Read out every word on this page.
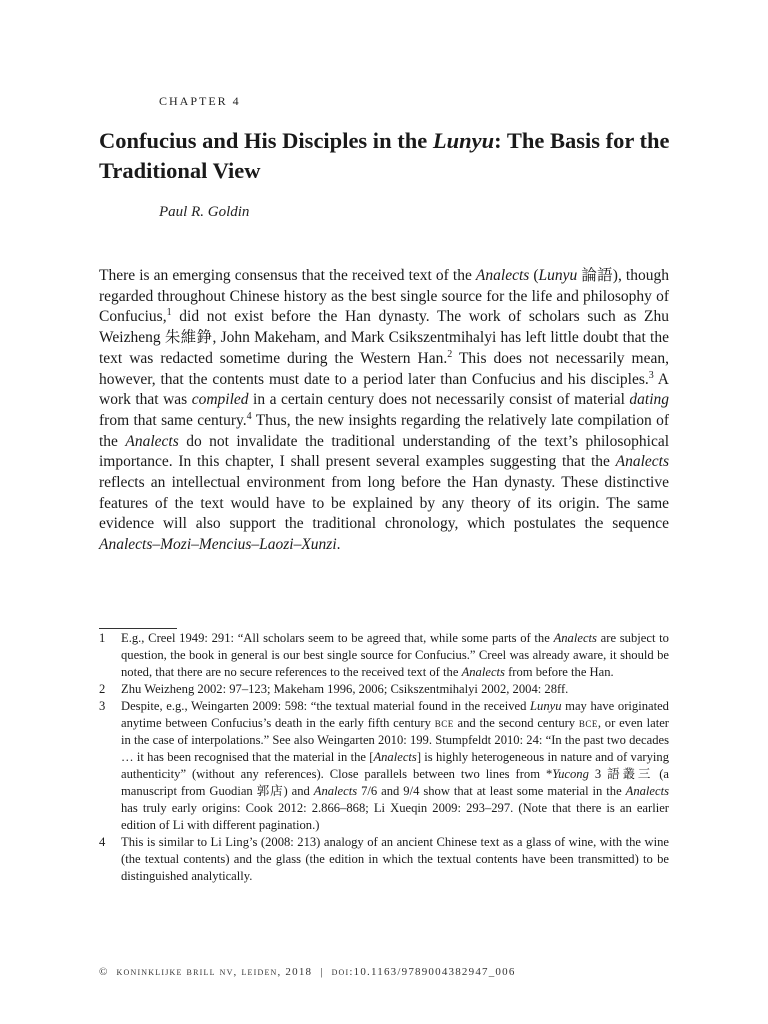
CHAPTER 4
Confucius and His Disciples in the Lunyu: The Basis for the Traditional View
Paul R. Goldin

There is an emerging consensus that the received text of the Analects (Lunyu 論語), though regarded throughout Chinese history as the best single source for the life and philosophy of Confucius,$^1$ did not exist before the Han dynasty. The work of scholars such as Zhu Weizheng 朱維錚, John Makeham, and Mark Csikszentmihalyi has left little doubt that the text was redacted sometime during the Western Han.$^2$ This does not necessarily mean, however, that the contents must date to a period later than Confucius and his disciples.$^3$ A work that was compiled in a certain century does not necessarily consist of material dating from that same century.$^4$ Thus, the new insights regarding the relatively late compilation of the Analects do not invalidate the traditional understanding of the text’s philosophical importance. In this chapter, I shall present several examples suggesting that the Analects reflects an intellectual environment from long before the Han dynasty. These distinctive features of the text would have to be explained by any theory of its origin. The same evidence will also support the traditional chronology, which postulates the sequence Analects–Mozi–Mencius–Laozi–Xunzi.

1	E.g., Creel 1949: 291: “All scholars seem to be agreed that, while some parts of the Analects are subject to question, the book in general is our best single source for Confucius.” Creel was already aware, it should be noted, that there are no secure references to the received text of the Analects from before the Han.
2	Zhu Weizheng 2002: 97–123; Makeham 1996, 2006; Csikszentmihalyi 2002, 2004: 28ff.
3	Despite, e.g., Weingarten 2009: 598: “the textual material found in the received Lunyu may have originated anytime between Confucius’s death in the early fifth century bce and the second century bce, or even later in the case of interpolations.” See also Weingarten 2010: 199. Stumpfeldt 2010: 24: “In the past two decades … it has been recognised that the material in the [Analects] is highly heterogeneous in nature and of varying authenticity” (without any references). Close parallels between two lines from *Yucong 3 語叢三 (a manuscript from Guodian 郭店) and Analects 7/6 and 9/4 show that at least some material in the Analects has truly early origins: Cook 2012: 2.866–868; Li Xueqin 2009: 293–297. (Note that there is an earlier edition of Li with different pagination.)
4	This is similar to Li Ling’s (2008: 213) analogy of an ancient Chinese text as a glass of wine, with the wine (the textual contents) and the glass (the edition in which the textual contents have been transmitted) to be distinguished analytically.
© koninklijke brill nv, leiden, 2018 | doi:10.1163/9789004382947_006
